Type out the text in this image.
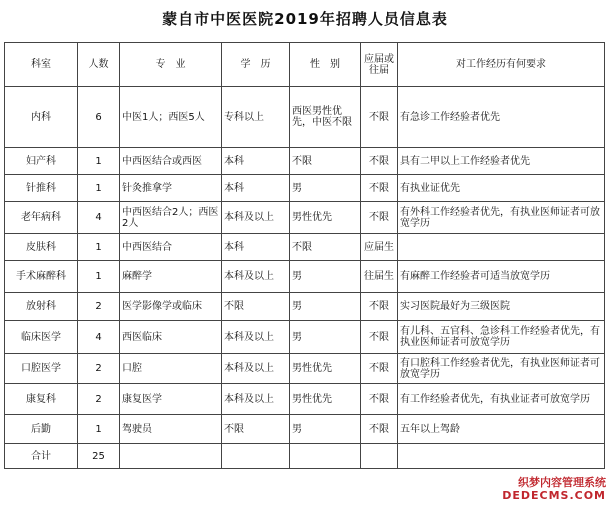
蒙自市中医医院2019年招聘人员信息表
科室	人数	专　业	学　历	性　别	应届或往届	对工作经历有何要求
内科	6	中医1人；西医5人	专科以上	西医男性优先，中医不限	不限	有急诊工作经验者优先
妇产科	1	中西医结合或西医	本科	不限	不限	具有二甲以上工作经验者优先
针推科	1	针灸推拿学	本科	男	不限	有执业证优先
老年病科	4	中西医结合2人；西医2人	本科及以上	男性优先	不限	有外科工作经验者优先，有执业医师证者可放宽学历
皮肤科	1	中西医结合	本科	不限	应届生	
手术麻醉科	1	麻醉学	本科及以上	男	往届生	有麻醉工作经验者可适当放宽学历
放射科	2	医学影像学或临床	不限	男	不限	实习医院最好为三级医院
临床医学	4	西医临床	本科及以上	男	不限	有儿科、五官科、急诊科工作经验者优先，有执业医师证者可放宽学历
口腔医学	2	口腔	本科及以上	男性优先	不限	有口腔科工作经验者优先，有执业医师证者可放宽学历
康复科	2	康复医学	本科及以上	男性优先	不限	有工作经验者优先，有执业证者可放宽学历
后勤	1	驾驶员	不限	男	不限	五年以上驾龄
合计	25					
织梦内容管理系统
DEDECMS.COM
